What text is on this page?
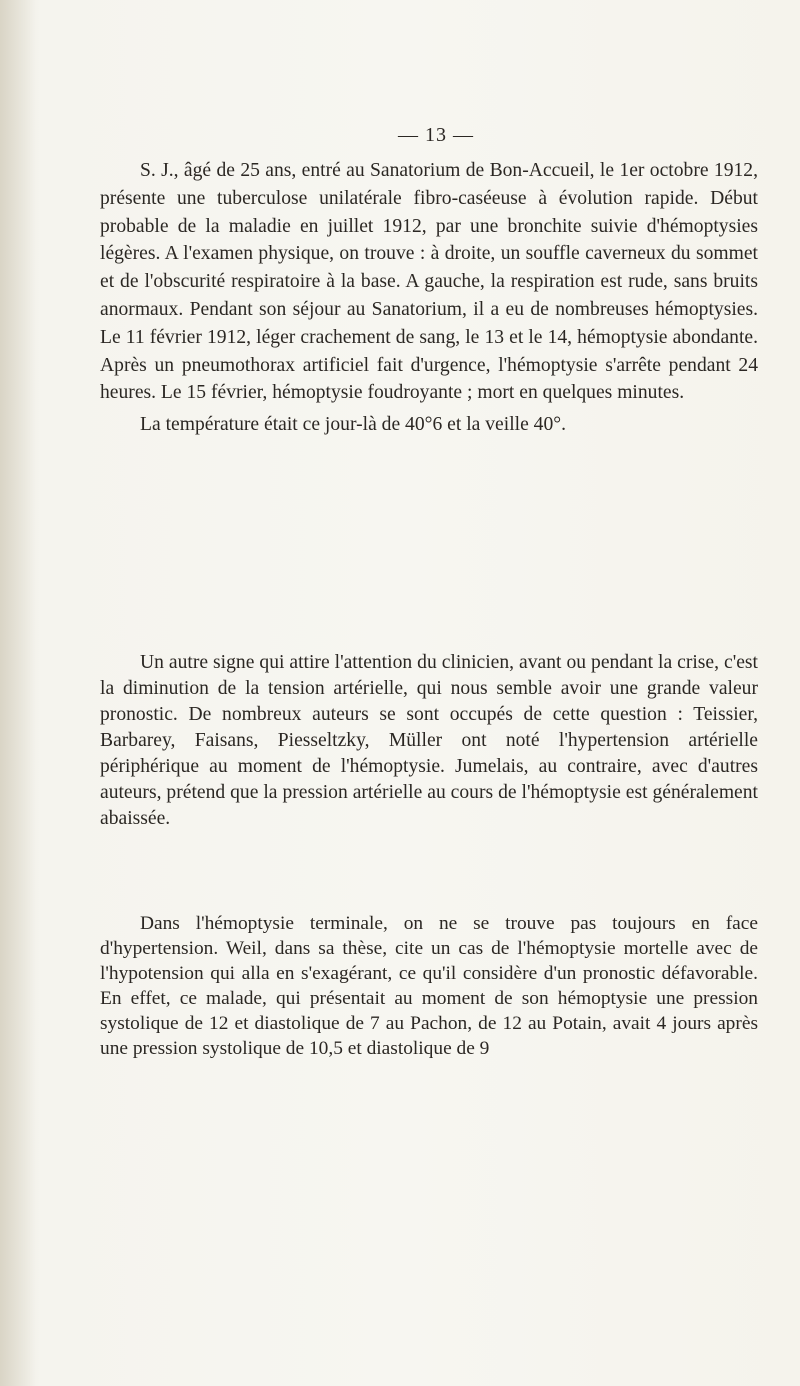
— 13 —

S. J., âgé de 25 ans, entré au Sanatorium de Bon-Accueil, le 1er octobre 1912, présente une tuberculose unilatérale fibro-caséeuse à évolution rapide. Début probable de la maladie en juillet 1912, par une bronchite suivie d'hémoptysies légères. A l'examen physique, on trouve : à droite, un souffle caverneux du sommet et de l'obscurité respiratoire à la base. A gauche, la respiration est rude, sans bruits anormaux. Pendant son séjour au Sanatorium, il a eu de nombreuses hémoptysies. Le 11 février 1912, léger crachement de sang, le 13 et le 14, hémoptysie abondante. Après un pneumothorax artificiel fait d'urgence, l'hémoptysie s'arrête pendant 24 heures. Le 15 février, hémoptysie foudroyante ; mort en quelques minutes.

La température était ce jour-là de 40°6 et la veille 40°.

Un autre signe qui attire l'attention du clinicien, avant ou pendant la crise, c'est la diminution de la tension artérielle, qui nous semble avoir une grande valeur pronostic. De nombreux auteurs se sont occupés de cette question : Teissier, Barbarey, Faisans, Piesseltzky, Müller ont noté l'hypertension artérielle périphérique au moment de l'hémoptysie. Jumelais, au contraire, avec d'autres auteurs, prétend que la pression artérielle au cours de l'hémoptysie est généralement abaissée.

Dans l'hémoptysie terminale, on ne se trouve pas toujours en face d'hypertension. Weil, dans sa thèse, cite un cas de l'hémoptysie mortelle avec de l'hypotension qui alla en s'exagérant, ce qu'il considère d'un pronostic défavorable. En effet, ce malade, qui présentait au moment de son hémoptysie une pression systolique de 12 et diastolique de 7 au Pachon, de 12 au Potain, avait 4 jours après une pression systolique de 10,5 et diastolique de 9
